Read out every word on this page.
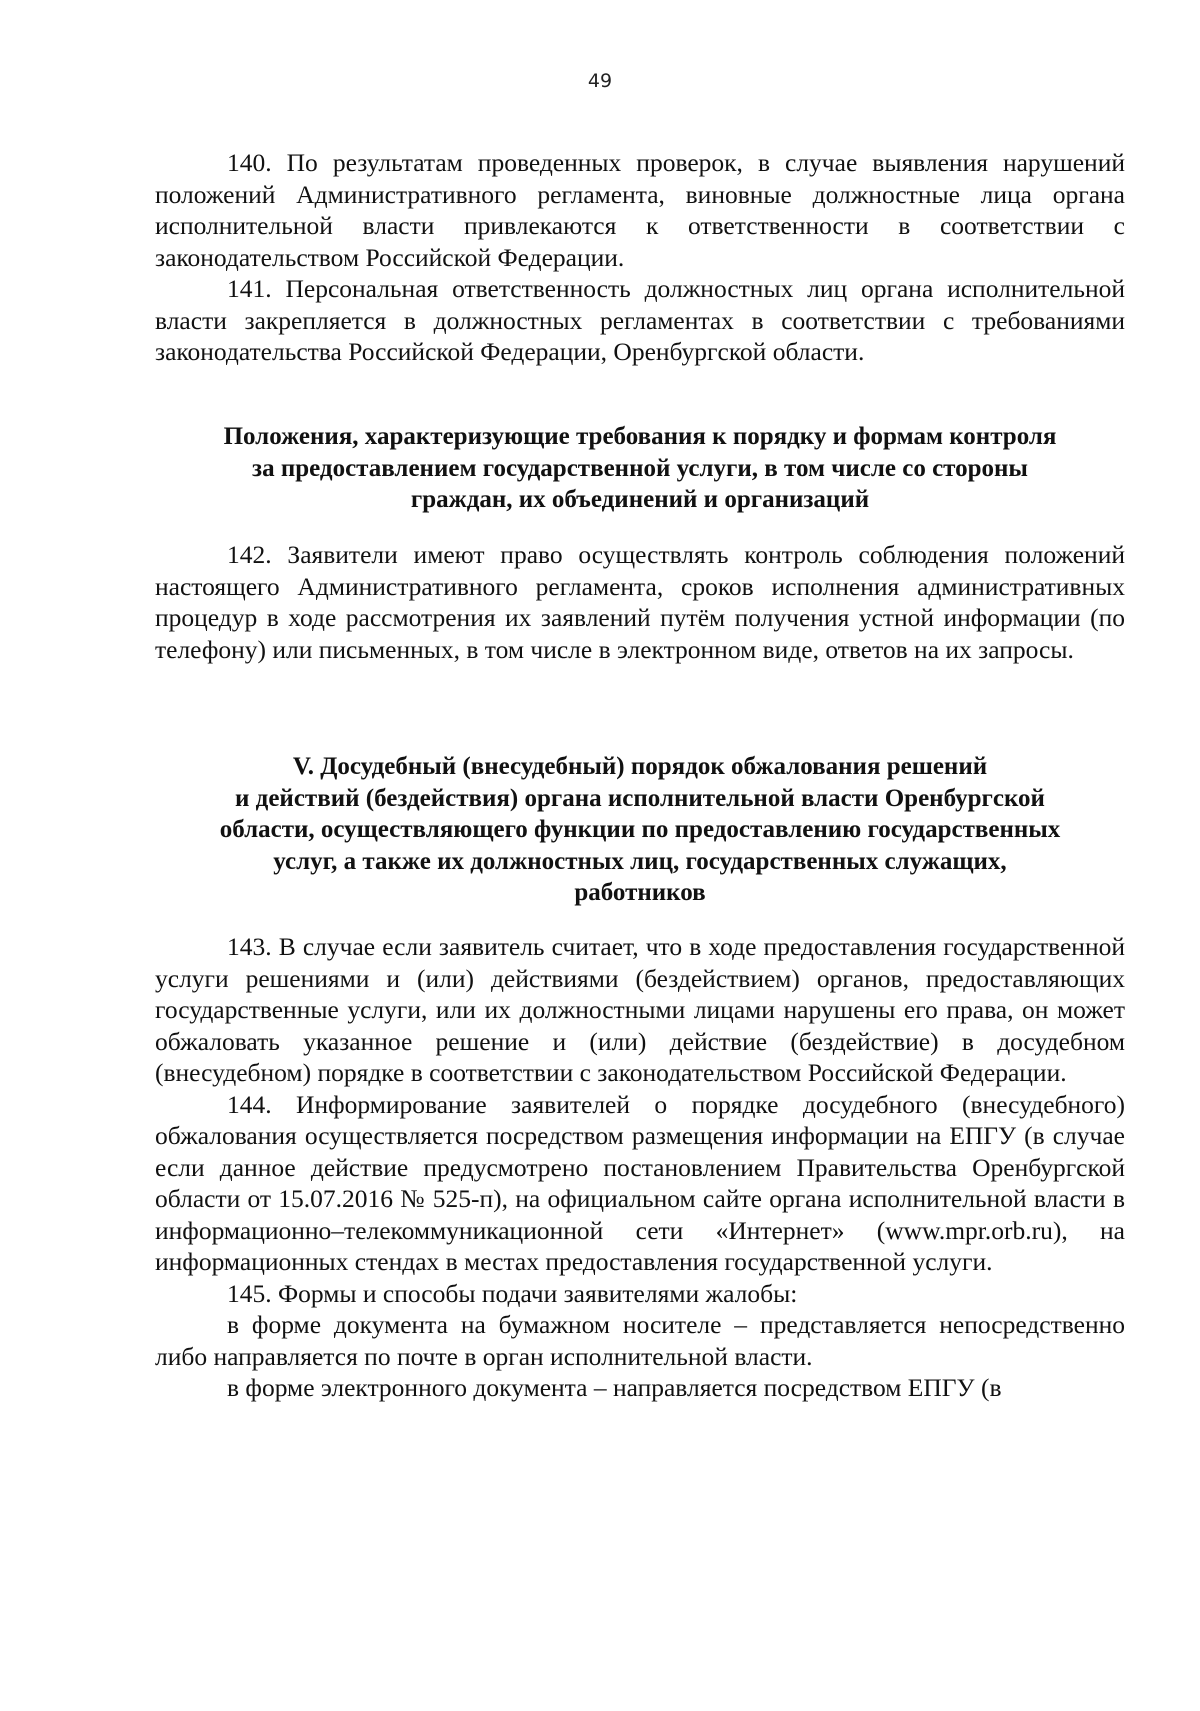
49

140. По результатам проведенных проверок, в случае выявления нарушений положений Административного регламента, виновные должностные лица органа исполнительной власти привлекаются к ответственности в соответствии с законодательством Российской Федерации.

141. Персональная ответственность должностных лиц органа исполнительной власти закрепляется в должностных регламентах в соответствии с требованиями законодательства Российской Федерации, Оренбургской области.

Положения, характеризующие требования к порядку и формам контроля
за предоставлением государственной услуги, в том числе со стороны
граждан, их объединений и организаций

142. Заявители имеют право осуществлять контроль соблюдения положений настоящего Административного регламента, сроков исполнения административных процедур в ходе рассмотрения их заявлений путём получения устной информации (по телефону) или письменных, в том числе в электронном виде, ответов на их запросы.

V. Досудебный (внесудебный) порядок обжалования решений
и действий (бездействия) органа исполнительной власти Оренбургской
области, осуществляющего функции по предоставлению государственных
услуг, а также их должностных лиц, государственных служащих,
работников

143. В случае если заявитель считает, что в ходе предоставления государственной услуги решениями и (или) действиями (бездействием) органов, предоставляющих государственные услуги, или их должностными лицами нарушены его права, он может обжаловать указанное решение и (или) действие (бездействие) в досудебном (внесудебном) порядке в соответствии с законодательством Российской Федерации.

144. Информирование заявителей о порядке досудебного (внесудебного) обжалования осуществляется посредством размещения информации на ЕПГУ (в случае если данное действие предусмотрено постановлением Правительства Оренбургской области от 15.07.2016 № 525-п), на официальном сайте органа исполнительной власти в информационно–телекоммуникационной сети «Интернет» (www.mpr.orb.ru), на информационных стендах в местах предоставления государственной услуги.

145. Формы и способы подачи заявителями жалобы:

в форме документа на бумажном носителе – представляется непосредственно либо направляется по почте в орган исполнительной власти.

в форме электронного документа – направляется посредством ЕПГУ (в
